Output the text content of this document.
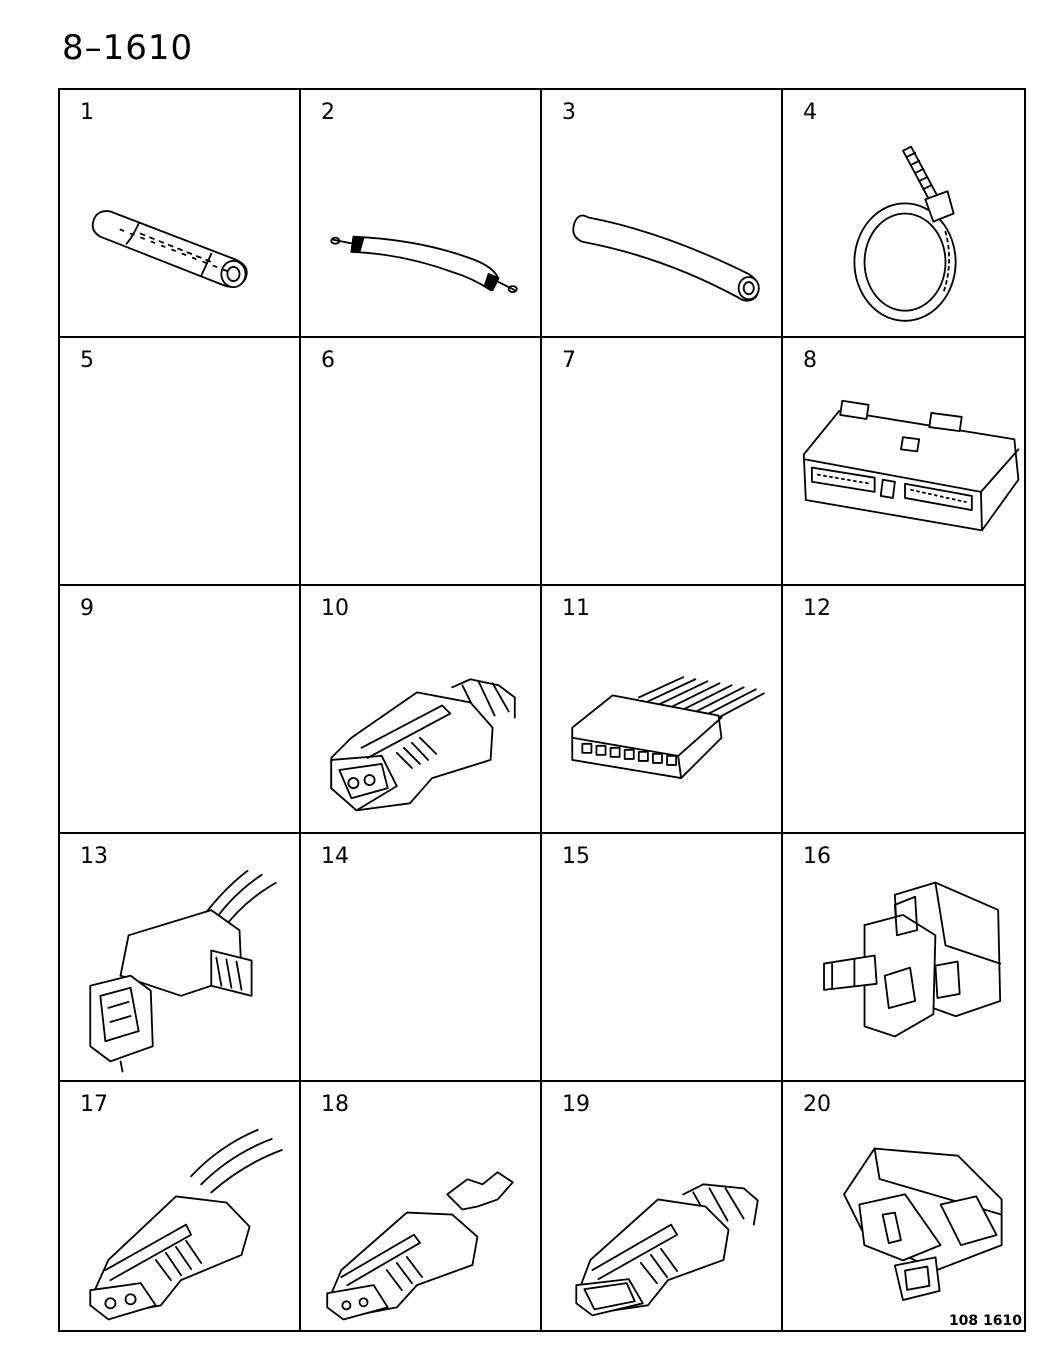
8–1610
1	2	3	4
5	6	7	8
9	10	11	12
13	14	15	16
17	18	19	20
108 1610
